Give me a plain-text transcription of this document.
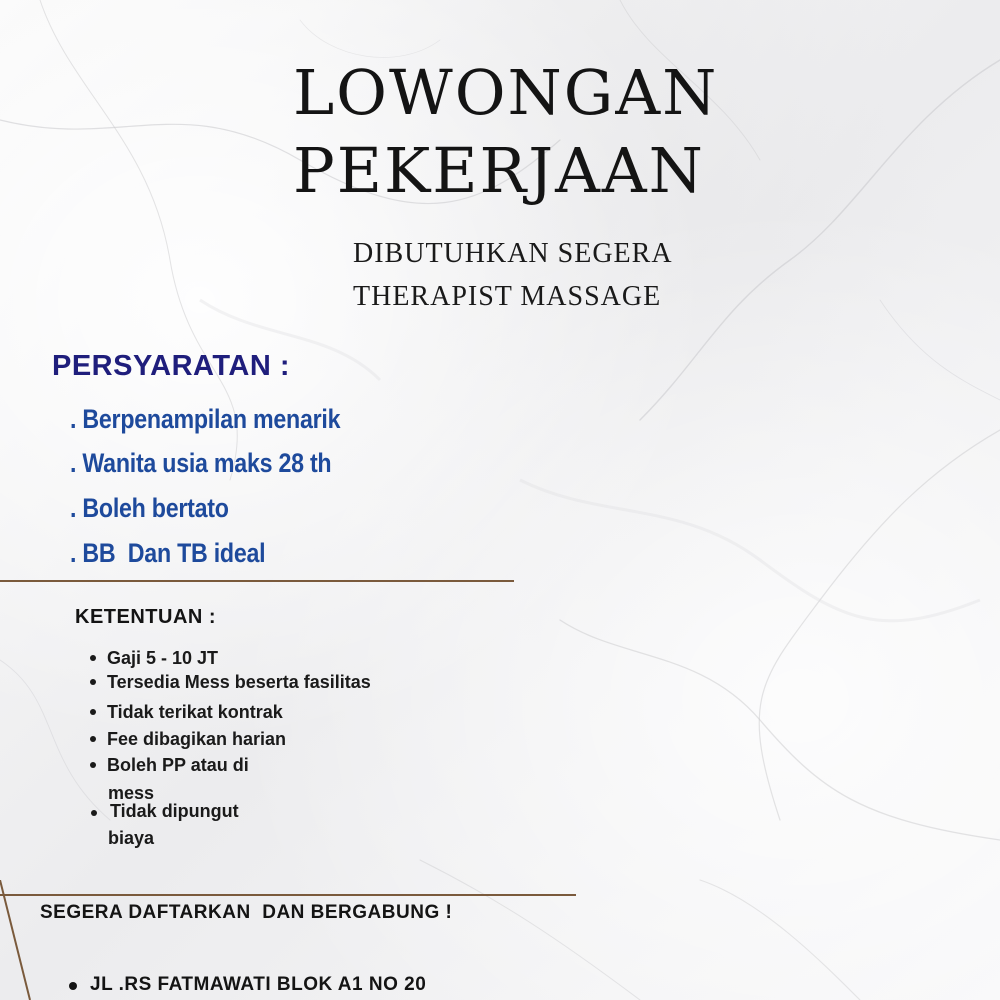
LOWONGAN
PEKERJAAN
DIBUTUHKAN SEGERA
THERAPIST MASSAGE
PERSYARATAN :
. Berpenampilan menarik
. Wanita usia maks 28 th
. Boleh bertato
. BB  Dan TB ideal
KETENTUAN :
Gaji 5 - 10 JT
Tersedia Mess beserta fasilitas
Tidak terikat kontrak
Fee dibagikan harian
Boleh PP atau di
mess
Tidak dipungut
biaya
SEGERA DAFTARKAN  DAN BERGABUNG !
JL .RS FATMAWATI BLOK A1 NO 20
